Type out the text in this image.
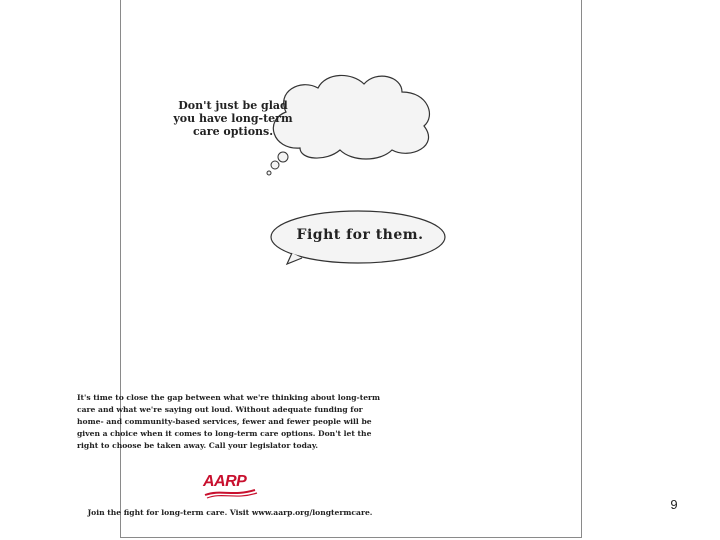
Don't just be glad you have long-term care options.
Fight for them.
It's time to close the gap between what we're thinking about long-term care and what we're saying out loud. Without adequate funding for home- and community-based services, fewer and fewer people will be given a choice when it comes to long-term care options. Don't let the right to choose be taken away. Call your legislator today.
AARP
Join the fight for long-term care. Visit www.aarp.org/longtermcare.
9
